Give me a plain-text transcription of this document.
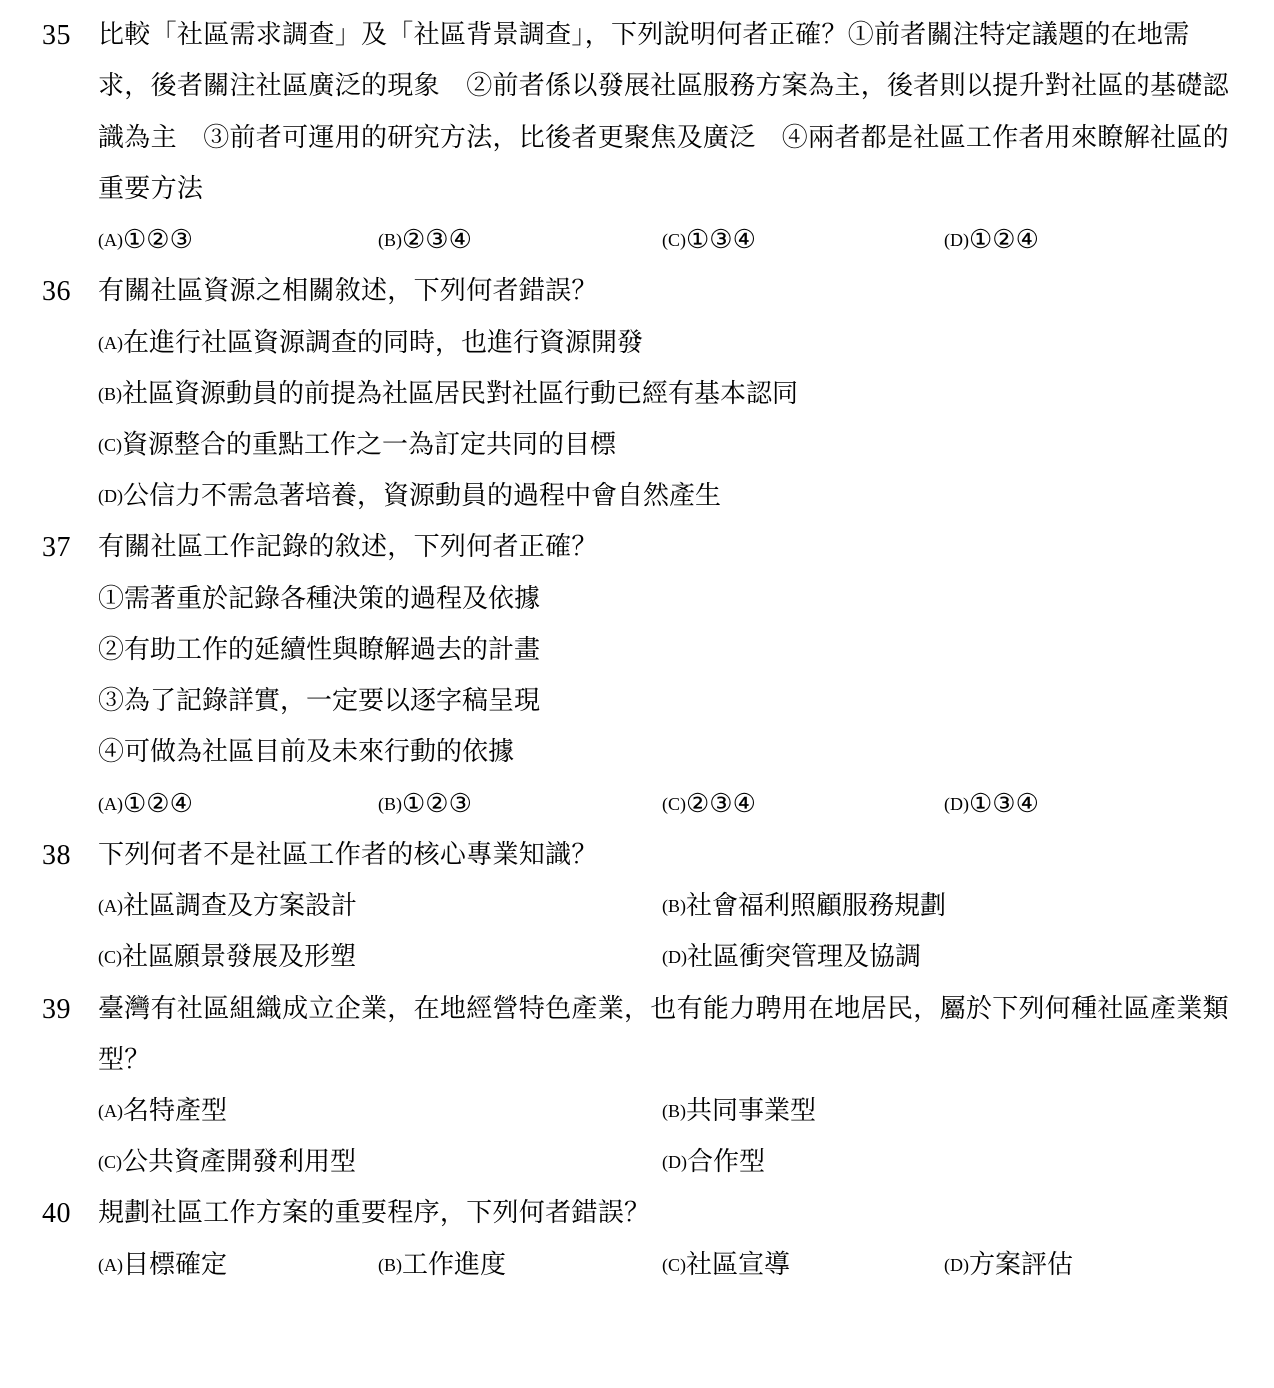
35 比較「社區需求調查」及「社區背景調查」，下列說明何者正確？①前者關注特定議題的在地需求，後者關注社區廣泛的現象　②前者係以發展社區服務方案為主，後者則以提升對社區的基礎認識為主　③前者可運用的研究方法，比後者更聚焦及廣泛　④兩者都是社區工作者用來瞭解社區的重要方法
(A)①②③	(B)②③④	(C)①③④	(D)①②④
36 有關社區資源之相關敘述，下列何者錯誤？
(A)在進行社區資源調查的同時，也進行資源開發
(B)社區資源動員的前提為社區居民對社區行動已經有基本認同
(C)資源整合的重點工作之一為訂定共同的目標
(D)公信力不需急著培養，資源動員的過程中會自然產生
37 有關社區工作記錄的敘述，下列何者正確？
①需著重於記錄各種決策的過程及依據
②有助工作的延續性與瞭解過去的計畫
③為了記錄詳實，一定要以逐字稿呈現
④可做為社區目前及未來行動的依據
(A)①②④	(B)①②③	(C)②③④	(D)①③④
38 下列何者不是社區工作者的核心專業知識？
(A)社區調查及方案設計	(B)社會福利照顧服務規劃
(C)社區願景發展及形塑	(D)社區衝突管理及協調
39 臺灣有社區組織成立企業，在地經營特色產業，也有能力聘用在地居民，屬於下列何種社區產業類型？
(A)名特產型	(B)共同事業型
(C)公共資產開發利用型	(D)合作型
40 規劃社區工作方案的重要程序，下列何者錯誤？
(A)目標確定	(B)工作進度	(C)社區宣導	(D)方案評估
